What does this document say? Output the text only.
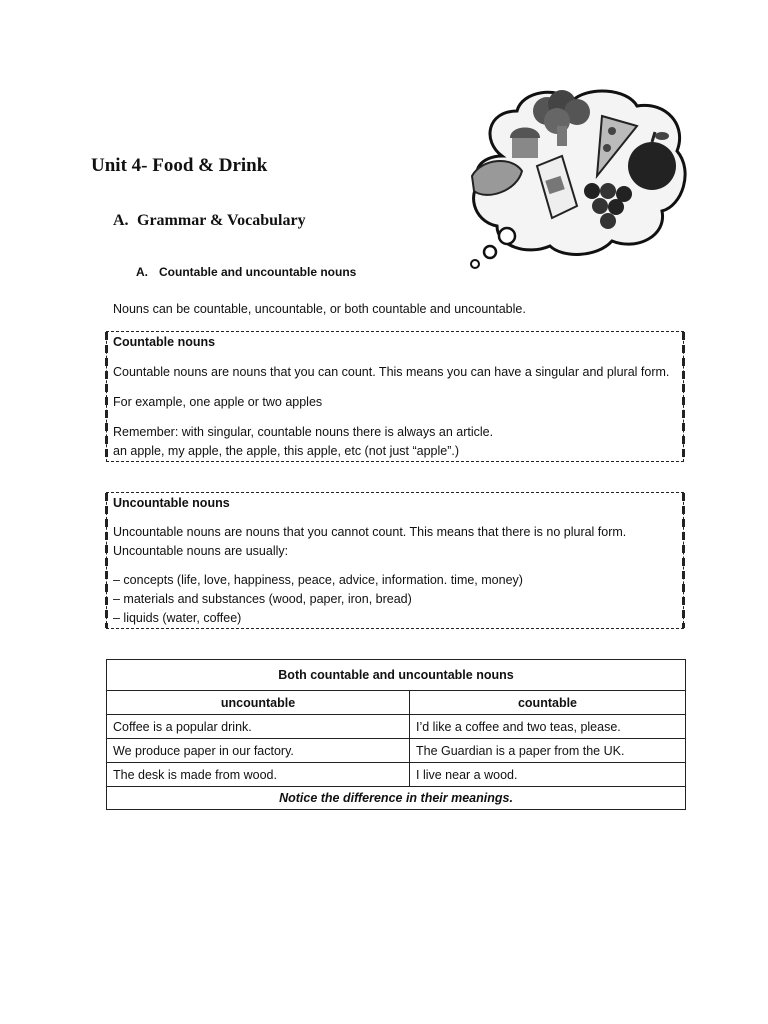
Unit 4- Food & Drink
A. Grammar & Vocabulary
A. Countable and uncountable nouns

Nouns can be countable, uncountable, or both countable and uncountable.

Countable nouns

Countable nouns are nouns that you can count. This means you can have a singular and plural form.

For example, one apple or two apples

Remember: with singular, countable nouns there is always an article.

an apple, my apple, the apple, this apple, etc (not just “apple”.)

Uncountable nouns

Uncountable nouns are nouns that you cannot count. This means that there is no plural form.

Uncountable nouns are usually:

– concepts (life, love, happiness, peace, advice, information. time, money)

– materials and substances (wood, paper, iron, bread)

– liquids (water, coffee)

Both countable and uncountable nouns	
uncountable	countable
Coffee is a popular drink.	I’d like a coffee and two teas, please.
We produce paper in our factory.	The Guardian is a paper from the UK.
The desk is made from wood.	I live near a wood.
Notice the difference in their meanings.	
